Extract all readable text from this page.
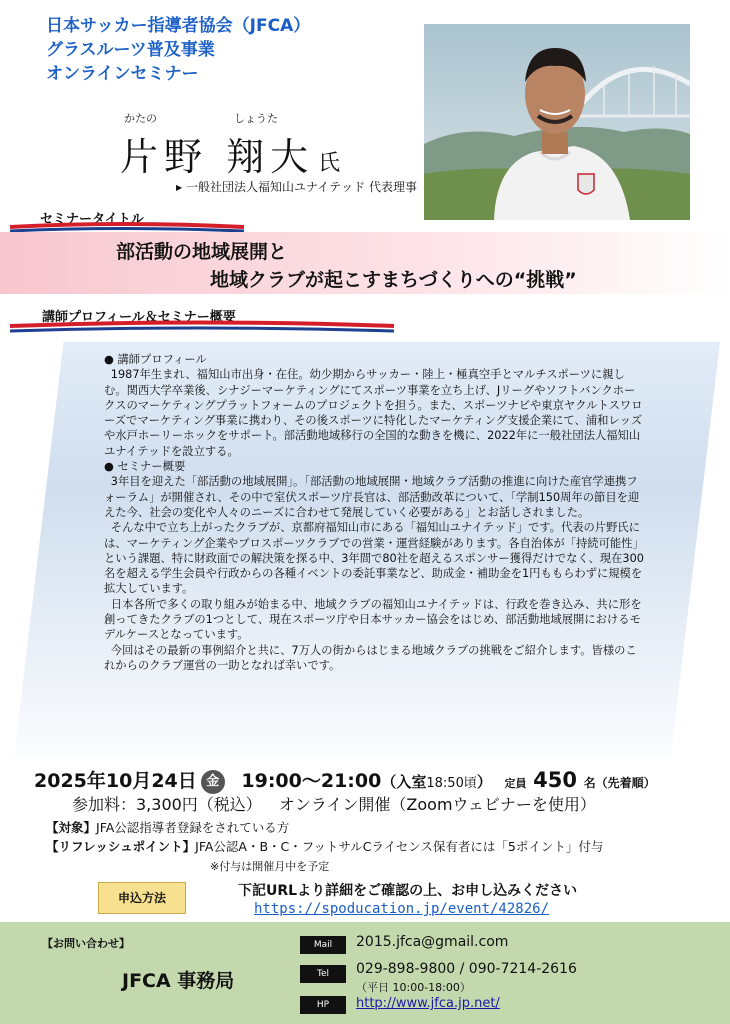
日本サッカー指導者協会（JFCA）
グラスルーツ普及事業
オンラインセミナー
かたの	しょうた
片野 翔大 氏
▶ 一般社団法人福知山ユナイテッド 代表理事
セミナータイトル
部活動の地域展開と
地域クラブが起こすまちづくりへの“挑戦”
講師プロフィール＆セミナー概要

● 講師プロフィール

1987年生まれ、福知山市出身・在住。幼少期からサッカー・陸上・極真空手とマルチスポーツに親しむ。関西大学卒業後、シナジーマーケティングにてスポーツ事業を立ち上げ、Jリーグやソフトバンクホークスのマーケティングプラットフォームのプロジェクトを担う。また、スポーツナビや東京ヤクルトスワローズでマーケティング事業に携わり、その後スポーツに特化したマーケティング支援企業にて、浦和レッズや水戸ホーリーホックをサポート。部活動地域移行の全国的な動きを機に、2022年に一般社団法人福知山ユナイテッドを設立する。

● セミナー概要

3年目を迎えた「部活動の地域展開」。「部活動の地域展開・地域クラブ活動の推進に向けた産官学連携フォーラム」が開催され、その中で室伏スポーツ庁長官は、部活動改革について、「学制150周年の節目を迎えた今、社会の変化や人々のニーズに合わせて発展していく必要がある」とお話しされました。

そんな中で立ち上がったクラブが、京都府福知山市にある「福知山ユナイテッド」です。代表の片野氏には、マーケティング企業やプロスポーツクラブでの営業・運営経験があります。各自治体が「持続可能性」という課題、特に財政面での解決策を探る中、3年間で80社を超えるスポンサー獲得だけでなく、現在300名を超える学生会員や行政からの各種イベントの委託事業など、助成金・補助金を1円ももらわずに規模を拡大しています。

日本各所で多くの取り組みが始まる中、地域クラブの福知山ユナイテッドは、行政を巻き込み、共に形を創ってきたクラブの1つとして、現在スポーツ庁や日本サッカー協会をはじめ、部活動地域展開におけるモデルケースとなっています。

今回はその最新の事例紹介と共に、7万人の街からはじまる地域クラブの挑戦をご紹介します。皆様のこれからのクラブ運営の一助となれば幸いです。

2025年10月24日 金 19:00～21:00（入室18:50頃） 定員 450 名（先着順）
参加料：3,300円（税込） オンライン開催（Zoomウェビナーを使用）
【対象】JFA公認指導者登録をされている方
【リフレッシュポイント】JFA公認A・B・C・フットサルCライセンス保有者には「5ポイント」付与
※付与は開催月中を予定
申込方法	下記URLより詳細をご確認の上、お申し込みください
https://spoducation.jp/event/42826/
【お問い合わせ】
JFCA 事務局
Mail	2015.jfca@gmail.com
Tel	029-898-9800 / 090-7214-2616
（平日 10:00-18:00）
HP	http://www.jfca.jp.net/
